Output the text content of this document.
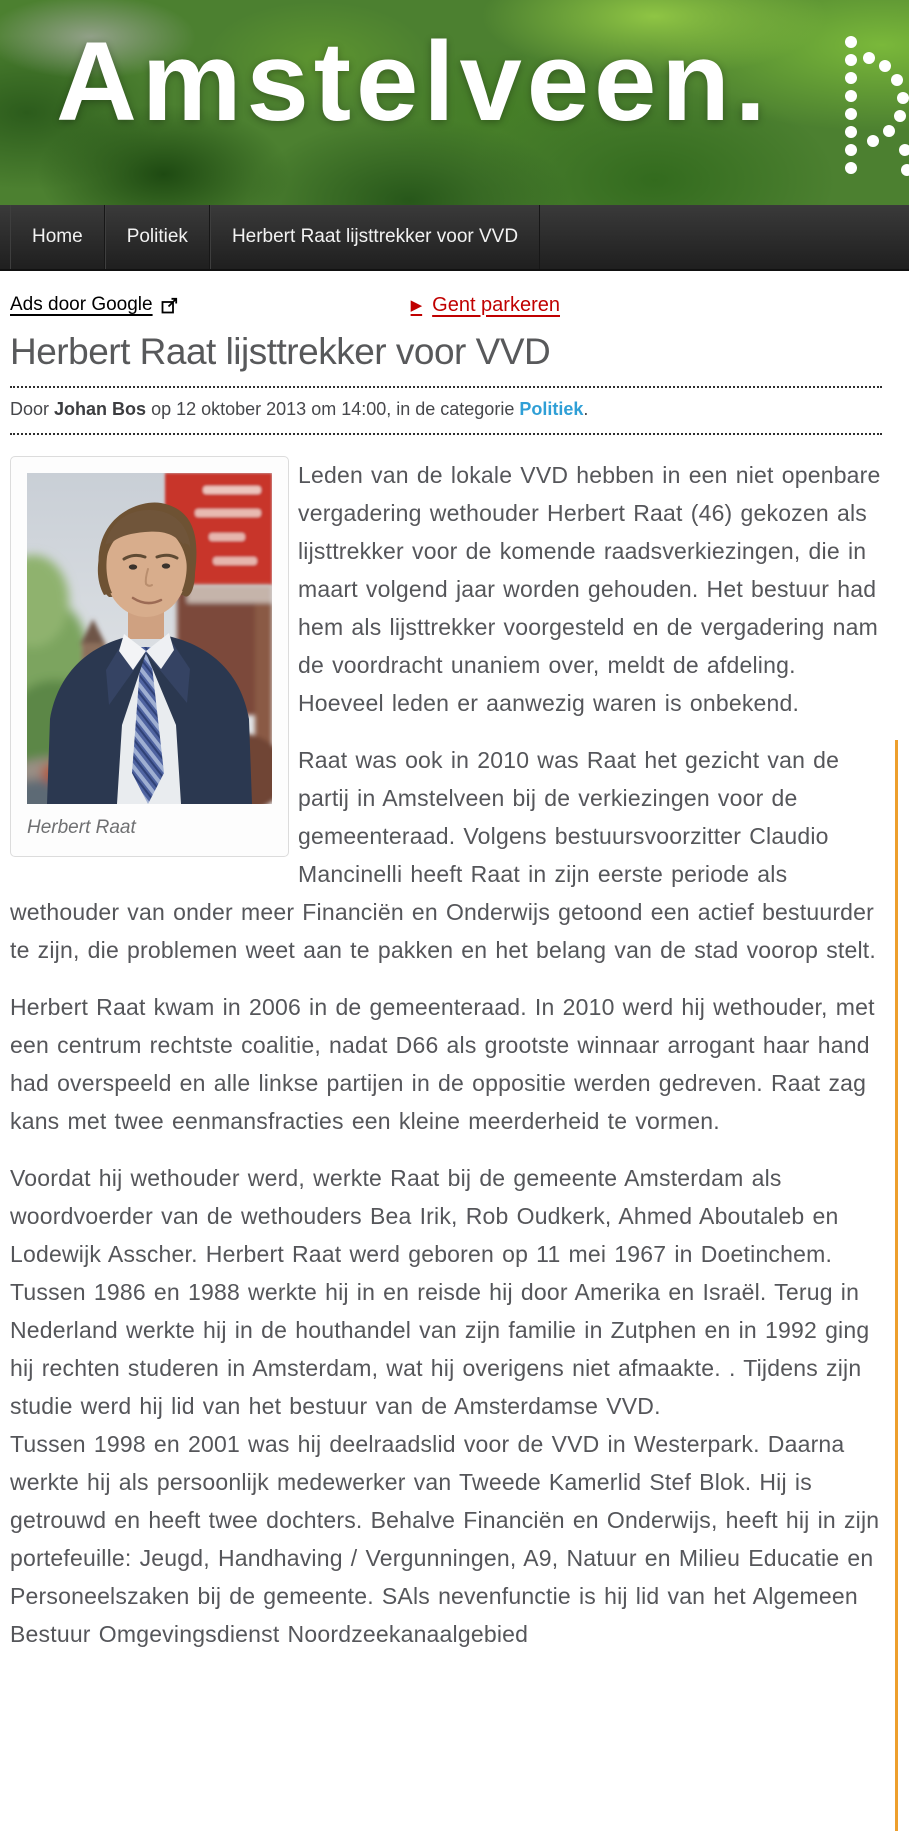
Amstelveen.
Home	Politiek	Herbert Raat lijsttrekker voor VVD
Ads door Google	▶ Gent parkeren
Herbert Raat lijsttrekker voor VVD
Door Johan Bos op 12 oktober 2013 om 14:00, in de categorie Politiek.
Herbert Raat

Leden van de lokale VVD hebben in een niet openbare vergadering wethouder Herbert Raat (46) gekozen als lijsttrekker voor de komende raadsverkiezingen, die in maart volgend jaar worden gehouden. Het bestuur had hem als lijsttrekker voorgesteld en de vergadering nam de voordracht unaniem over, meldt de afdeling. Hoeveel leden er aanwezig waren is onbekend.

Raat was ook in 2010 was Raat het gezicht van de partij in Amstelveen bij de verkiezingen voor de gemeenteraad. Volgens bestuursvoorzitter Claudio Mancinelli heeft Raat in zijn eerste periode als wethouder van onder meer Financiën en Onderwijs getoond een actief bestuurder te zijn, die problemen weet aan te pakken en het belang van de stad voorop stelt.

Herbert Raat kwam in 2006 in de gemeenteraad. In 2010 werd hij wethouder, met een centrum rechtste coalitie, nadat D66 als grootste winnaar arrogant haar hand had overspeeld en alle linkse partijen in de oppositie werden gedreven. Raat zag kans met twee eenmansfracties een kleine meerderheid te vormen.

Voordat hij wethouder werd, werkte Raat bij de gemeente Amsterdam als woordvoerder van de wethouders Bea Irik, Rob Oudkerk, Ahmed Aboutaleb en Lodewijk Asscher. Herbert Raat werd geboren op 11 mei 1967 in Doetinchem. Tussen 1986 en 1988 werkte hij in en reisde hij door Amerika en Israël. Terug in Nederland werkte hij in de houthandel van zijn familie in Zutphen en in 1992 ging hij rechten studeren in Amsterdam, wat hij overigens niet afmaakte. . Tijdens zijn studie werd hij lid van het bestuur van de Amsterdamse VVD.
Tussen 1998 en 2001 was hij deelraadslid voor de VVD in Westerpark. Daarna werkte hij als persoonlijk medewerker van Tweede Kamerlid Stef Blok. Hij is getrouwd en heeft twee dochters. Behalve Financiën en Onderwijs, heeft hij in zijn portefeuille: Jeugd, Handhaving / Vergunningen, A9, Natuur en Milieu Educatie en Personeelszaken bij de gemeente. SAls nevenfunctie is hij lid van het Algemeen Bestuur Omgevingsdienst Noordzeekanaalgebied
